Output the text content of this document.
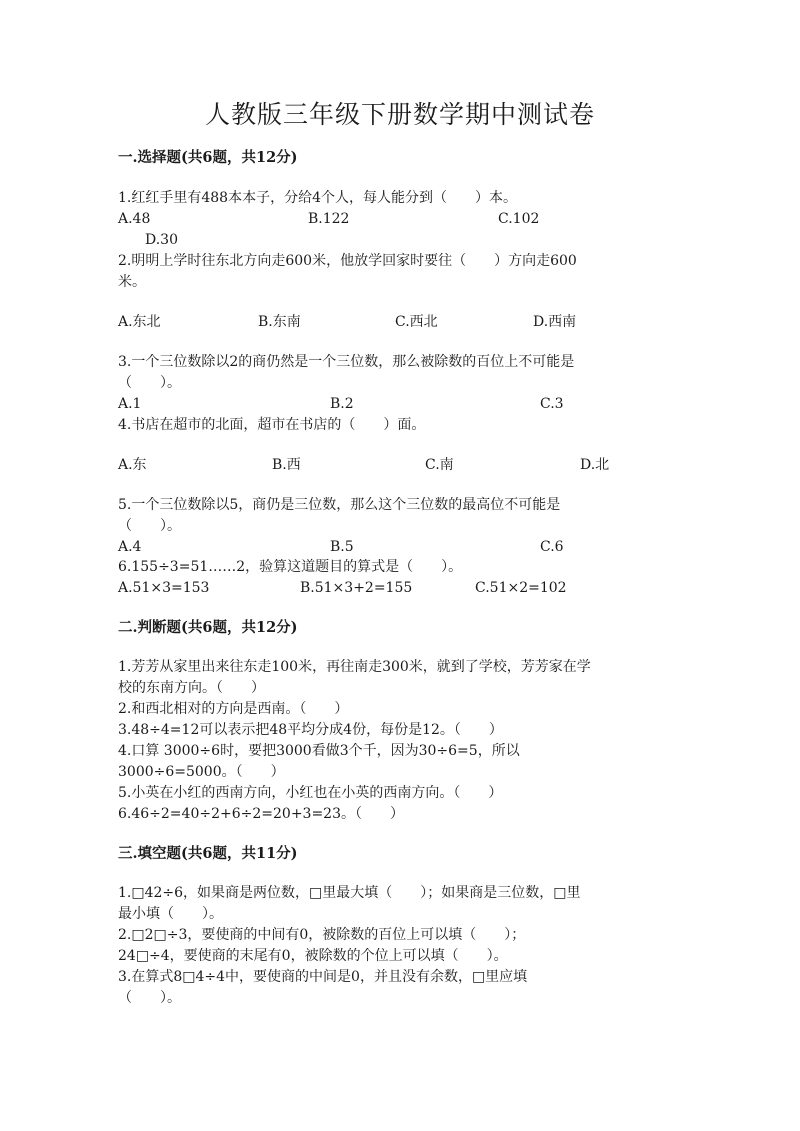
人教版三年级下册数学期中测试卷
一.选择题(共6题，共12分)
1.红红手里有488本本子，分给4个人，每人能分到（　　）本。
A.48	B.122	C.102
D.30
2.明明上学时往东北方向走600米，他放学回家时要往（　　）方向走600
米。
A.东北	B.东南	C.西北	D.西南
3.一个三位数除以2的商仍然是一个三位数，那么被除数的百位上不可能是
（　　）。
A.1	B.2	C.3
4.书店在超市的北面，超市在书店的（　　）面。
A.东	B.西	C.南	D.北
5.一个三位数除以5，商仍是三位数，那么这个三位数的最高位不可能是
（　　）。
A.4	B.5	C.6
6.155÷3=51……2，验算这道题目的算式是（　　）。
A.51×3=153	B.51×3+2=155	C.51×2=102
二.判断题(共6题，共12分)
1.芳芳从家里出来往东走100米，再往南走300米，就到了学校，芳芳家在学
校的东南方向。（　　）
2.和西北相对的方向是西南。（　　）
3.48÷4=12可以表示把48平均分成4份，每份是12。（　　）
4.口算 3000÷6时，要把3000看做3个千，因为30÷6=5，所以
3000÷6=5000。（　　）
5.小英在小红的西南方向，小红也在小英的西南方向。（　　）
6.46÷2=40÷2+6÷2=20+3=23。（　　）
三.填空题(共6题，共11分)
1.□42÷6，如果商是两位数，□里最大填（　　）；如果商是三位数，□里
最小填（　　）。
2.□2□÷3，要使商的中间有0，被除数的百位上可以填（　　）；
24□÷4，要使商的末尾有0，被除数的个位上可以填（　　）。
3.在算式8□4÷4中，要使商的中间是0，并且没有余数，□里应填
（　　）。
